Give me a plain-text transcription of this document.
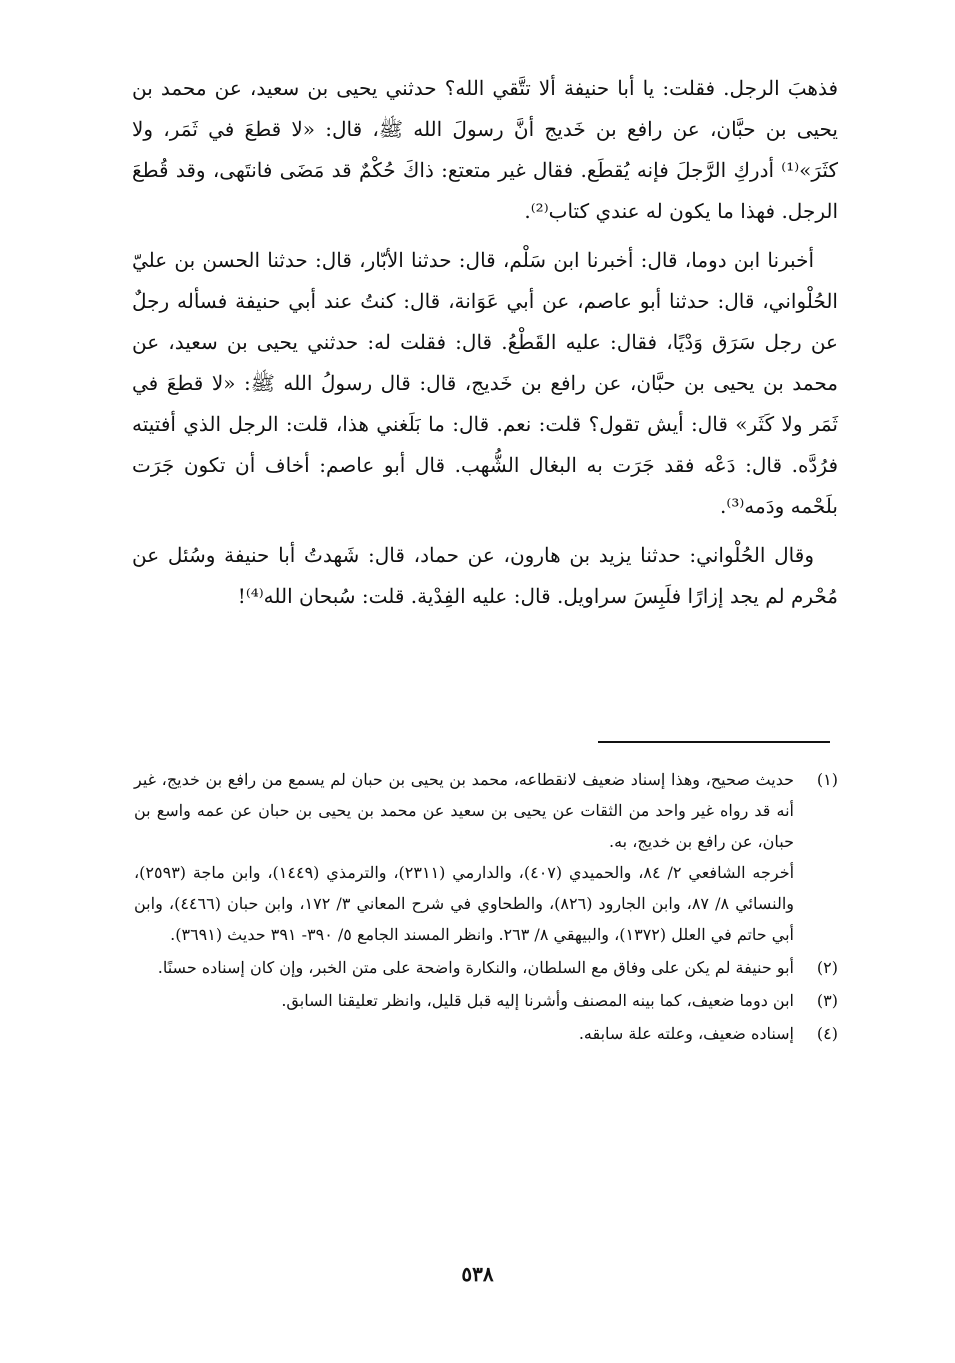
فذهبَ الرجل. فقلت: يا أبا حنيفة ألا تتَّقي الله؟ حدثني يحيى بن سعيد، عن محمد بن يحيى بن حبَّان، عن رافع بن خَديج أنَّ رسولَ الله ﷺ، قال: «لا قطعَ في ثَمَر، ولا كثَرَ»⁽¹⁾ أدركِ الرَّجلَ فإنه يُقطَع. فقال غير متعتع: ذاكَ حُكْمٌ قد مَضَى فانتَهى، وقد قُطعَ الرجل. فهذا ما يكون له عندي كتاب⁽²⁾.

أخبرنا ابن دوما، قال: أخبرنا ابن سَلْم، قال: حدثنا الأبّار، قال: حدثنا الحسن بن عليّ الحُلْواني، قال: حدثنا أبو عاصم، عن أبي عَوَانة، قال: كنتُ عند أبي حنيفة فسأله رجلٌ عن رجل سَرَق وَدْيًا، فقال: عليه القَطْعُ. قال: فقلت له: حدثني يحيى بن سعيد، عن محمد بن يحيى بن حبَّان، عن رافع بن خَديج، قال: قال رسولُ الله ﷺ: «لا قطعَ في ثَمَر ولا كَثَر» قال: أيش تقول؟ قلت: نعم. قال: ما بَلَغني هذا، قلت: الرجل الذي أفتيته فرُدَّه. قال: دَعْه فقد جَرَت به البغال الشُّهب. قال أبو عاصم: أخاف أن تكون جَرَت بلَحْمه ودَمه⁽³⁾.

وقال الحُلْواني: حدثنا يزيد بن هارون، عن حماد، قال: شَهدتُ أبا حنيفة وسُئل عن مُحْرم لم يجد إزارًا فلَبِسَ سراويل. قال: عليه الفِدْية. قلت: سُبحان الله⁽⁴⁾!

(١)

حديث صحيح، وهذا إسناد ضعيف لانقطاعه، محمد بن يحيى بن حبان لم يسمع من رافع بن خديج، غير أنه قد رواه غير واحد من الثقات عن يحيى بن سعيد عن محمد بن يحيى بن حبان عن عمه واسع بن حبان، عن رافع بن خديج، به.

أخرجه الشافعي ٢/ ٨٤، والحميدي (٤٠٧)، والدارمي (٢٣١١)، والترمذي (١٤٤٩)، وابن ماجة (٢٥٩٣)، والنسائي ٨/ ٨٧، وابن الجارود (٨٢٦)، والطحاوي في شرح المعاني ٣/ ١٧٢، وابن حبان (٤٤٦٦)، وابن أبي حاتم في العلل (١٣٧٢)، والبيهقي ٨/ ٢٦٣. وانظر المسند الجامع ٥/ ٣٩٠- ٣٩١ حديث (٣٦٩١).

(٢)

أبو حنيفة لم يكن على وفاق مع السلطان، والنكارة واضحة على متن الخبر، وإن كان إسناده حسنًا.

(٣)

ابن دوما ضعيف، كما بينه المصنف وأشرنا إليه قبل قليل، وانظر تعليقنا السابق.

(٤)

إسناده ضعيف، وعلته علة سابقه.

٥٣٨
